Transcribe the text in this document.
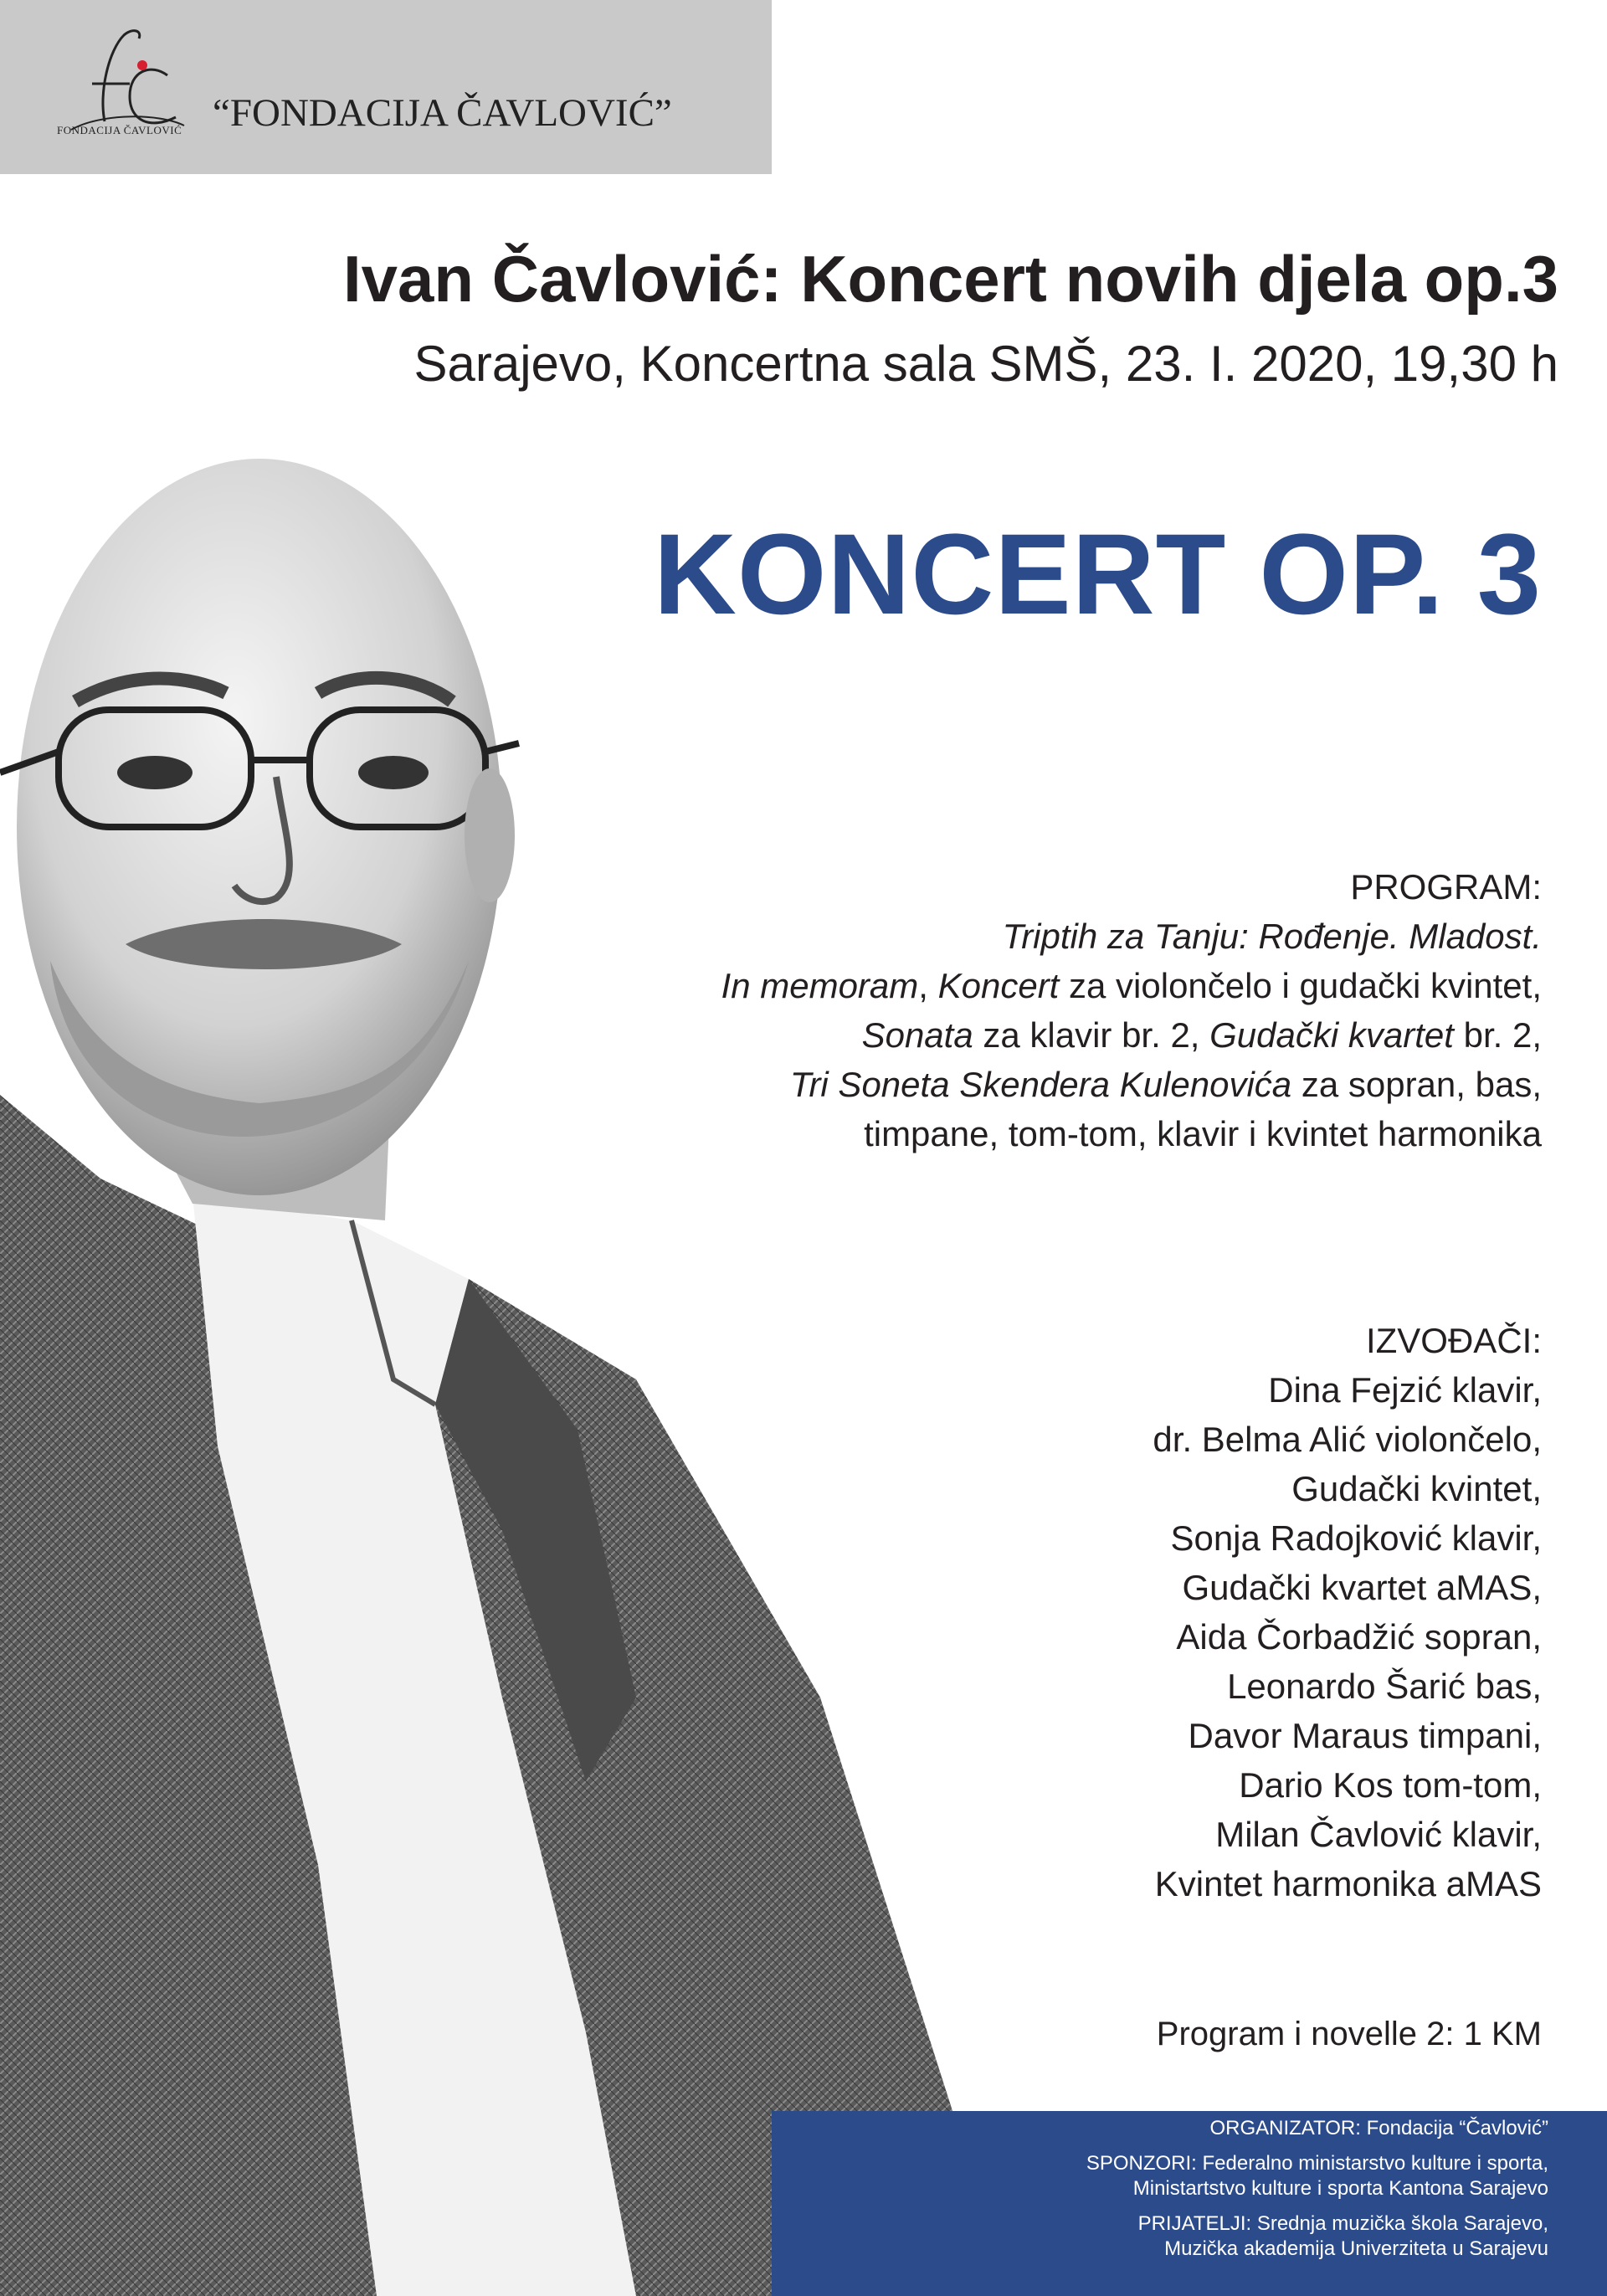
FONDACIJA ČAVLOVIĆ “FONDACIJA ČAVLOVIĆ”
Ivan Čavlović: Koncert novih djela op.3
Sarajevo, Koncertna sala SMŠ, 23. I. 2020, 19,30 h
KONCERT OP. 3
PROGRAM:
Triptih za Tanju: Rođenje. Mladost.
In memoram, Koncert za violončelo i gudački kvintet,
Sonata za klavir br. 2, Gudački kvartet br. 2,
Tri Soneta Skendera Kulenovića za sopran, bas,
timpane, tom-tom, klavir i kvintet harmonika
IZVOĐAČI:
Dina Fejzić klavir,
dr. Belma Alić violončelo,
Gudački kvintet,
Sonja Radojković klavir,
Gudački kvartet aMAS,
Aida Čorbadžić sopran,
Leonardo Šarić bas,
Davor Maraus timpani,
Dario Kos tom-tom,
Milan Čavlović klavir,
Kvintet harmonika aMAS
Program i novelle 2: 1 KM
ORGANIZATOR: Fondacija “Čavlović”
SPONZORI: Federalno ministarstvo kulture i sporta,
Ministartstvo kulture i sporta Kantona Sarajevo
PRIJATELJI: Srednja muzička škola Sarajevo,
Muzička akademija Univerziteta u Sarajevu
